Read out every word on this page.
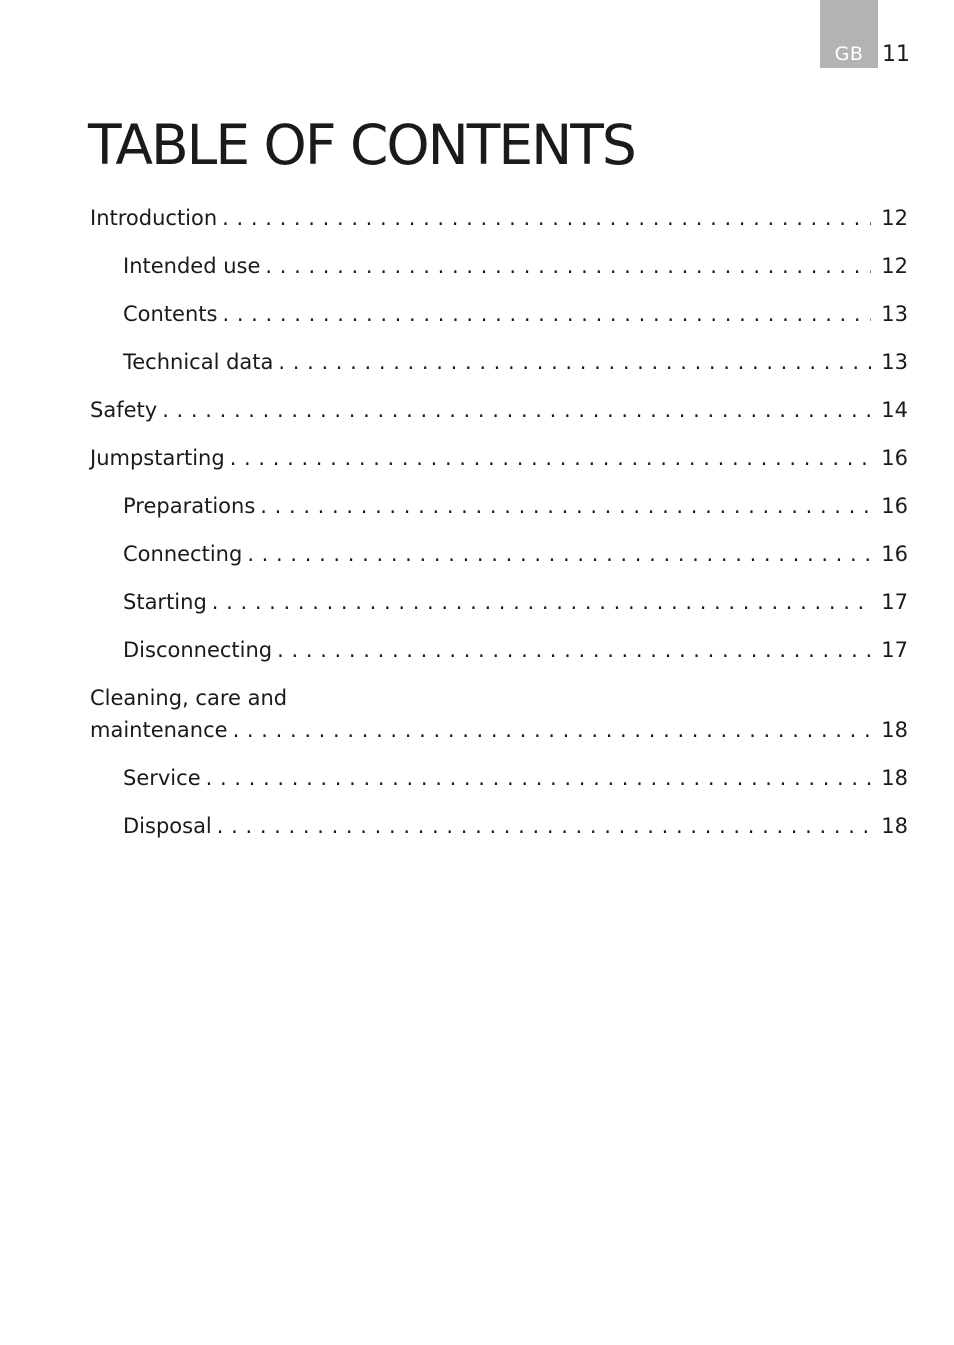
GB 11
TABLE OF CONTENTS
Introduction . . .	12
Intended use . . .	12
Contents . . .	13
Technical data . . .	13
Safety . . .	14
Jumpstarting . . .	16
Preparations . . .	16
Connecting . . .	16
Starting . . .	17
Disconnecting . . .	17
Cleaning, care and
maintenance . . .	18
Service . . .	18
Disposal . . .	18
